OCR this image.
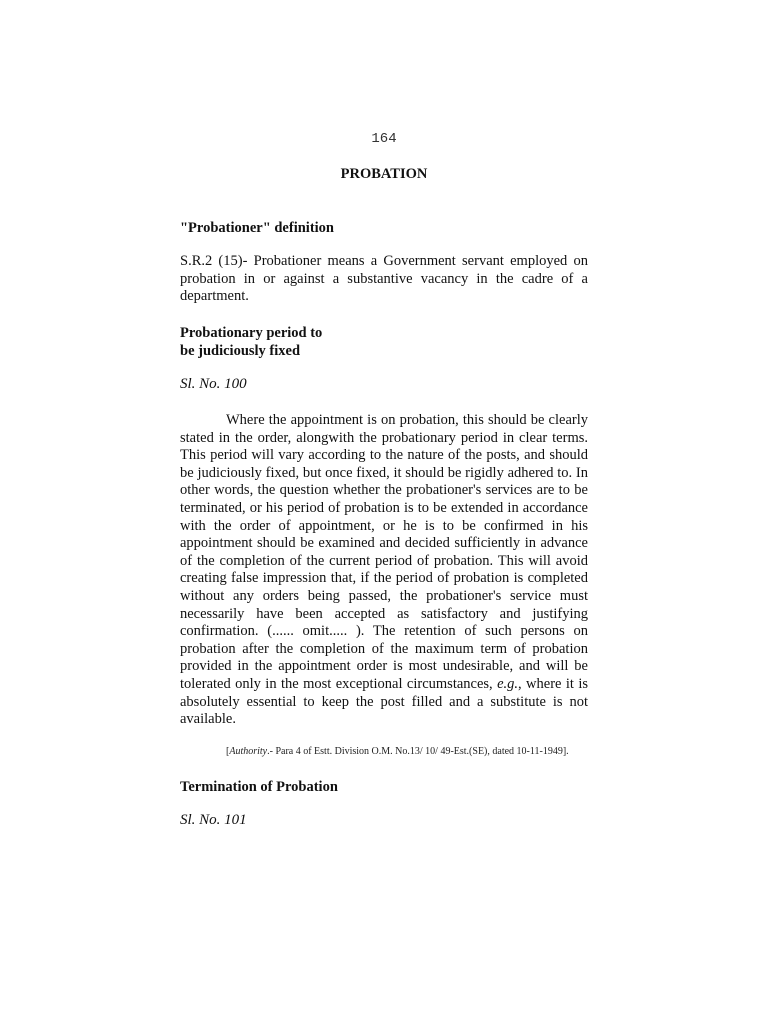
164
PROBATION
"Probationer" definition

S.R.2 (15)- Probationer means a Government servant employed on probation in or against a substantive vacancy in the cadre of a department.

Probationary period to
be judiciously fixed
Sl. No. 100

Where the appointment is on probation, this should be clearly stated in the order, alongwith the probationary period in clear terms. This period will vary according to the nature of the posts, and should be judiciously fixed, but once fixed, it should be rigidly adhered to. In other words, the question whether the probationer's services are to be terminated, or his period of probation is to be extended in accordance with the order of appointment, or he is to be confirmed in his appointment should be examined and decided sufficiently in advance of the completion of the current period of probation. This will avoid creating false impression that, if the period of probation is completed without any orders being passed, the probationer's service must necessarily have been accepted as satisfactory and justifying confirmation. (...... omit..... ). The retention of such persons on probation after the completion of the maximum term of probation provided in the appointment order is most undesirable, and will be tolerated only in the most exceptional circumstances, e.g., where it is absolutely essential to keep the post filled and a substitute is not available.

[Authority.- Para 4 of Estt. Division O.M. No.13/ 10/ 49-Est.(SE), dated 10-11-1949].
Termination of Probation
Sl. No. 101
